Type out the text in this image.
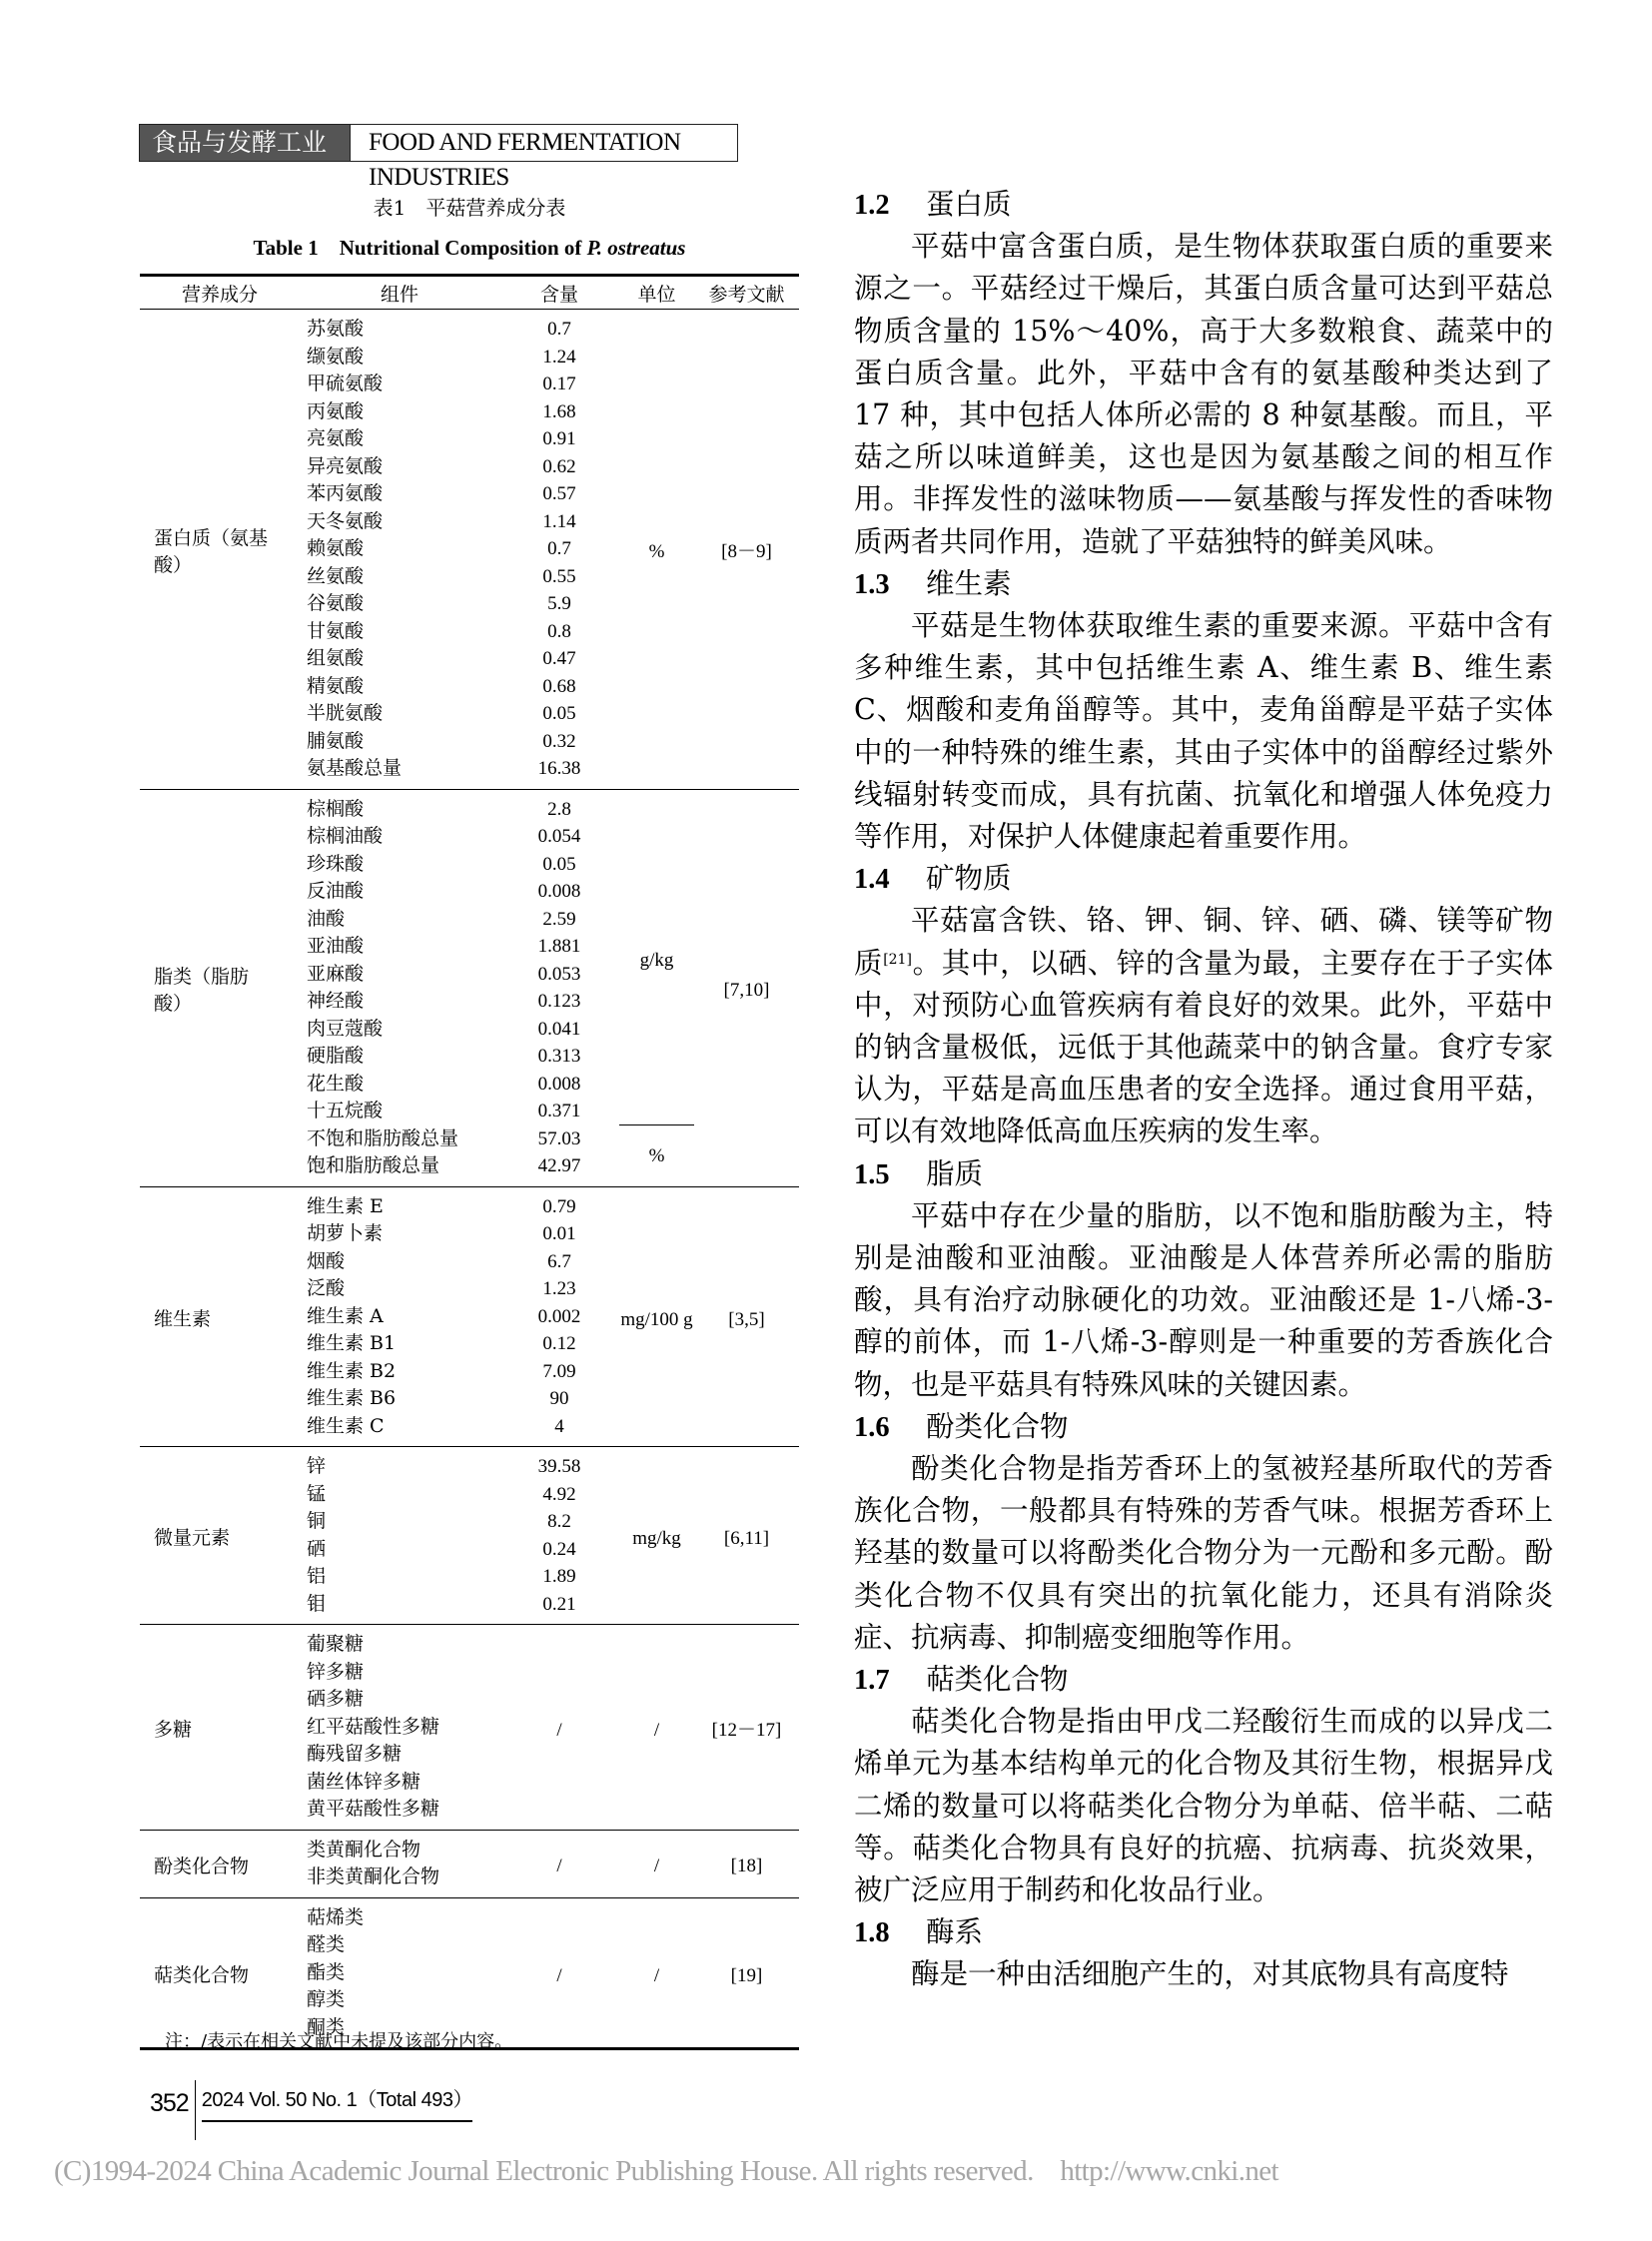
食品与发酵工业	FOOD AND FERMENTATION INDUSTRIES
表1　平菇营养成分表
Table 1　Nutritional Composition of P. ostreatus
营养成分	组件	含量	单位	参考文献
蛋白质（氨基酸）	苏氨酸	0.7	%	[8－9]
	缬氨酸	1.24		
	甲硫氨酸	0.17		
	丙氨酸	1.68		
	亮氨酸	0.91		
	异亮氨酸	0.62		
	苯丙氨酸	0.57		
	天冬氨酸	1.14		
	赖氨酸	0.7		
	丝氨酸	0.55		
	谷氨酸	5.9		
	甘氨酸	0.8		
	组氨酸	0.47		
	精氨酸	0.68		
	半胱氨酸	0.05		
	脯氨酸	0.32		
	氨基酸总量	16.38		
脂类（脂肪酸）	棕榈酸	2.8	g/kg	[7,10]
	棕榈油酸	0.054		
	珍珠酸	0.05		
	反油酸	0.008		
	油酸	2.59		
	亚油酸	1.881		
	亚麻酸	0.053		
	神经酸	0.123		
	肉豆蔻酸	0.041		
	硬脂酸	0.313		
	花生酸	0.008		
	十五烷酸	0.371		
	不饱和脂肪酸总量	57.03	%	
	饱和脂肪酸总量	42.97		
维生素	维生素 E	0.79	mg/100 g	[3,5]
	胡萝卜素	0.01		
	烟酸	6.7		
	泛酸	1.23		
	维生素 A	0.002		
	维生素 B1	0.12		
	维生素 B2	7.09		
	维生素 B6	90		
	维生素 C	4		
微量元素	锌	39.58	mg/kg	[6,11]
	锰	4.92		
	铜	8.2		
	硒	0.24		
	铝	1.89		
	钼	0.21		
多糖	葡聚糖	/	/	[12－17]
	锌多糖			
	硒多糖			
	红平菇酸性多糖			
	酶残留多糖			
	菌丝体锌多糖			
	黄平菇酸性多糖			
酚类化合物	类黄酮化合物	/	/	[18]
	非类黄酮化合物			
萜类化合物	萜烯类	/	/	[19]
	醛类			
	酯类			
	醇类			
	酮类			
注：/表示在相关文献中未提及该部分内容。
1.2 蛋白质

平菇中富含蛋白质，是生物体获取蛋白质的重要来源之一。平菇经过干燥后，其蛋白质含量可达到平菇总物质含量的 15%～40%，高于大多数粮食、蔬菜中的蛋白质含量。此外，平菇中含有的氨基酸种类达到了 17 种，其中包括人体所必需的 8 种氨基酸。而且，平菇之所以味道鲜美，这也是因为氨基酸之间的相互作用。非挥发性的滋味物质——氨基酸与挥发性的香味物质两者共同作用，造就了平菇独特的鲜美风味。

1.3 维生素

平菇是生物体获取维生素的重要来源。平菇中含有多种维生素，其中包括维生素 A、维生素 B、维生素 C、烟酸和麦角甾醇等。其中，麦角甾醇是平菇子实体中的一种特殊的维生素，其由子实体中的甾醇经过紫外线辐射转变而成，具有抗菌、抗氧化和增强人体免疫力等作用，对保护人体健康起着重要作用。

1.4 矿物质

平菇富含铁、铬、钾、铜、锌、硒、磷、镁等矿物质[21]。其中，以硒、锌的含量为最，主要存在于子实体中，对预防心血管疾病有着良好的效果。此外，平菇中的钠含量极低，远低于其他蔬菜中的钠含量。食疗专家认为，平菇是高血压患者的安全选择。通过食用平菇，可以有效地降低高血压疾病的发生率。

1.5 脂质

平菇中存在少量的脂肪，以不饱和脂肪酸为主，特别是油酸和亚油酸。亚油酸是人体营养所必需的脂肪酸，具有治疗动脉硬化的功效。亚油酸还是 1-八烯-3-醇的前体，而 1-八烯-3-醇则是一种重要的芳香族化合物，也是平菇具有特殊风味的关键因素。

1.6 酚类化合物

酚类化合物是指芳香环上的氢被羟基所取代的芳香族化合物，一般都具有特殊的芳香气味。根据芳香环上羟基的数量可以将酚类化合物分为一元酚和多元酚。酚类化合物不仅具有突出的抗氧化能力，还具有消除炎症、抗病毒、抑制癌变细胞等作用。

1.7 萜类化合物

萜类化合物是指由甲戊二羟酸衍生而成的以异戊二烯单元为基本结构单元的化合物及其衍生物，根据异戊二烯的数量可以将萜类化合物分为单萜、倍半萜、二萜等。萜类化合物具有良好的抗癌、抗病毒、抗炎效果，被广泛应用于制药和化妆品行业。

1.8 酶系

酶是一种由活细胞产生的，对其底物具有高度特

352 2024 Vol. 50 No. 1（Total 493）
(C)1994-2024 China Academic Journal Electronic Publishing House. All rights reserved.    http://www.cnki.net
